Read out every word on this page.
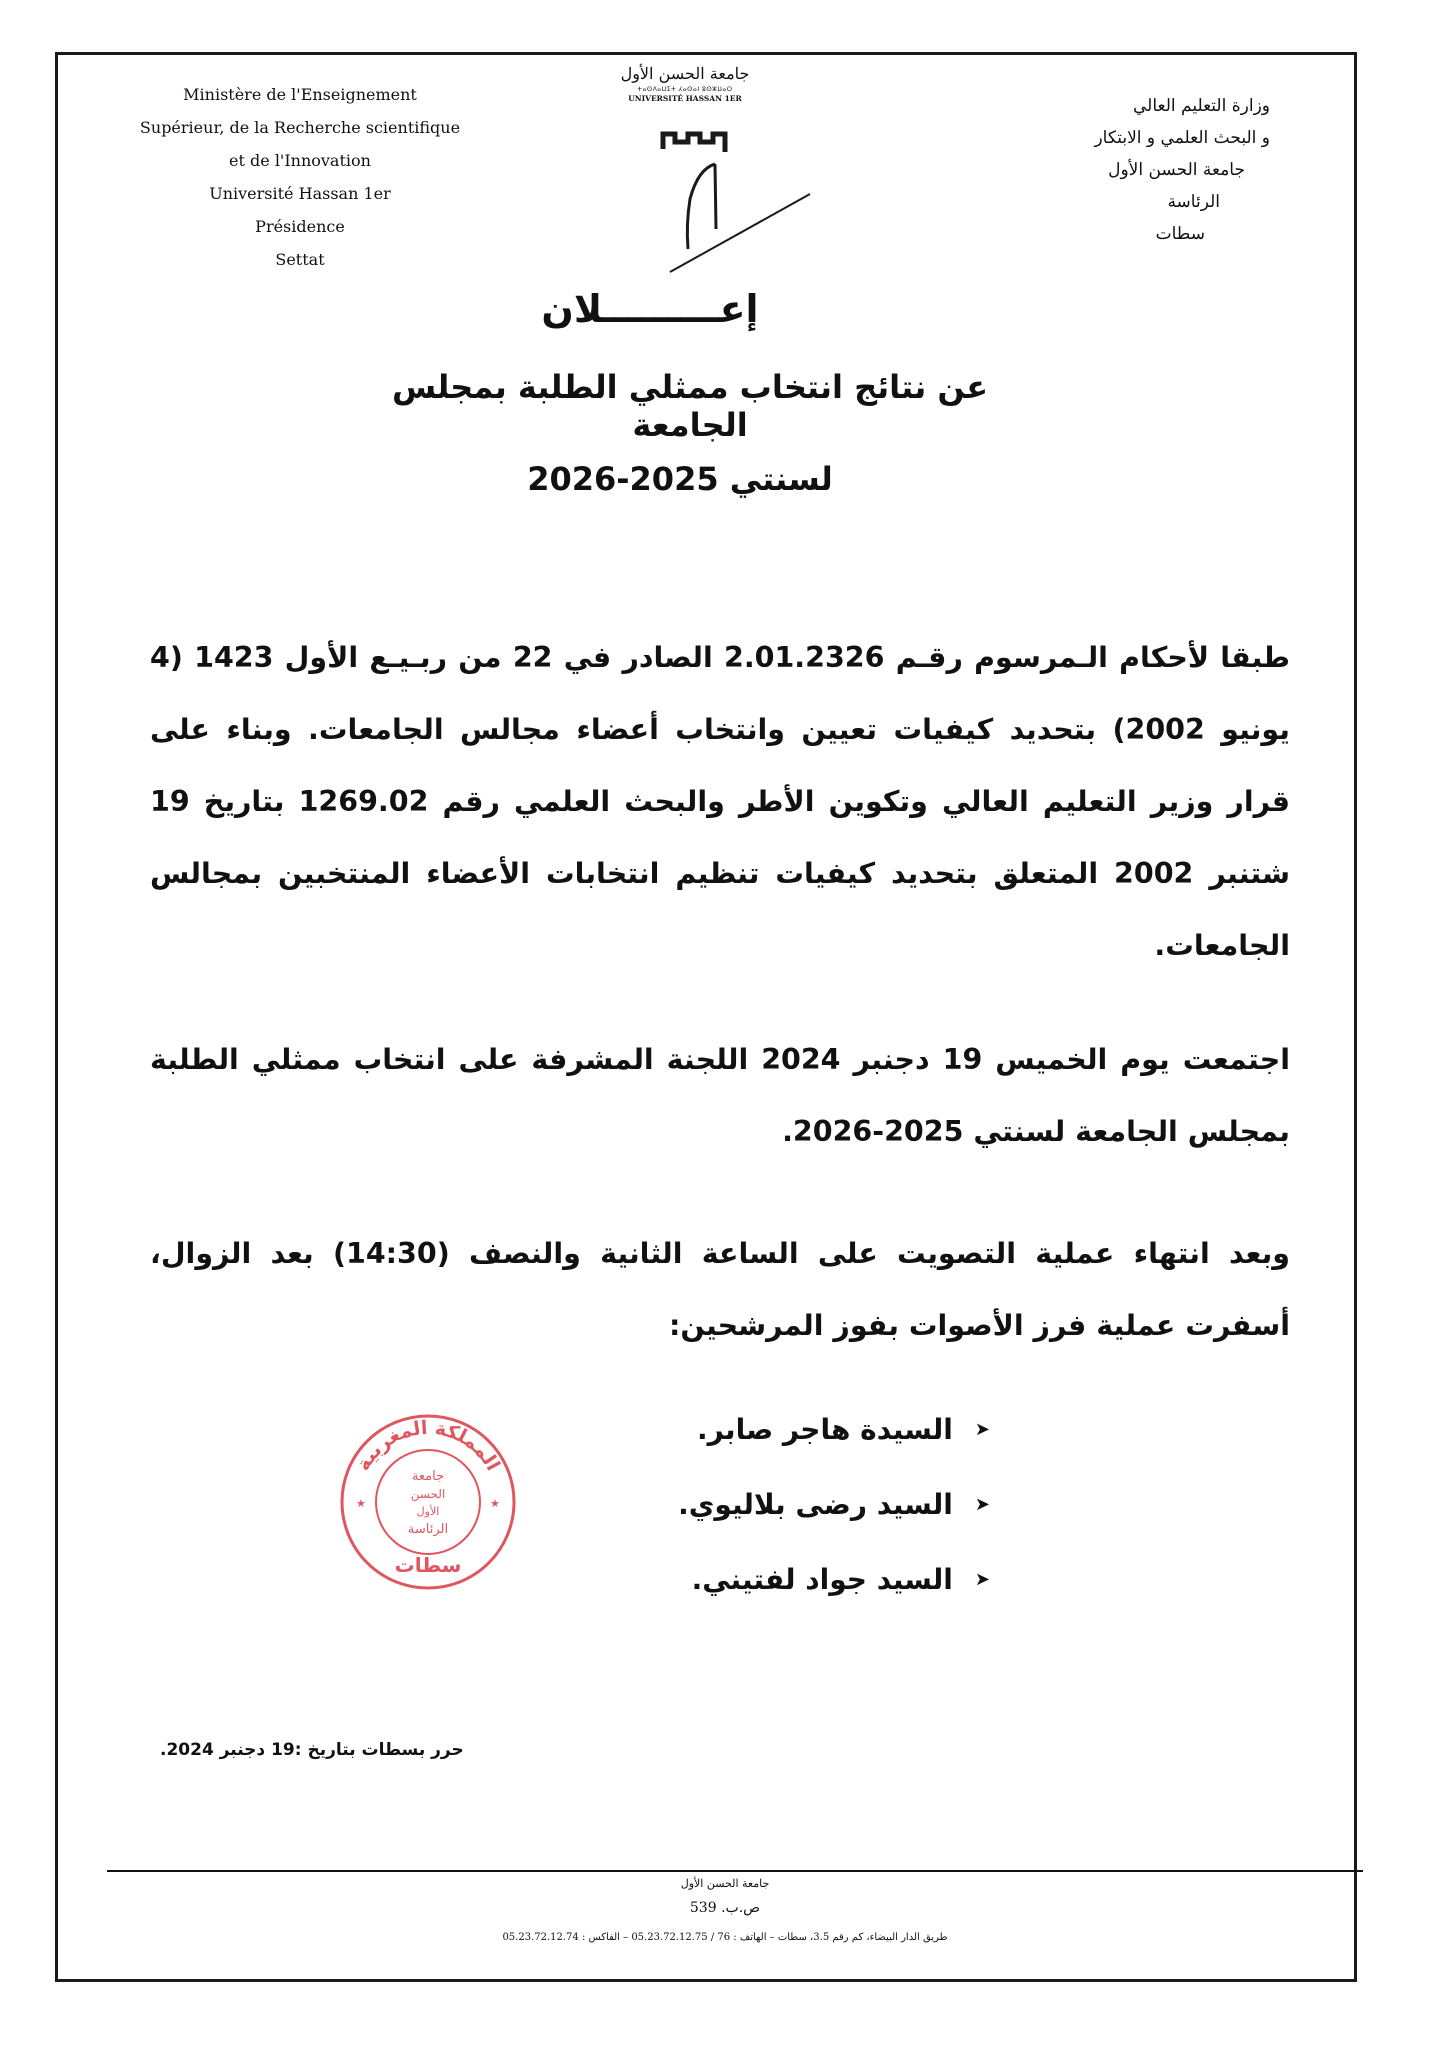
Ministère de l'Enseignement
Supérieur, de la Recherche scientifique
et de l'Innovation
Université Hassan 1er
Présidence
Settat
جامعة الحسن الأول
ⵜⴰⵙⴷⴰⵡⵉⵜ ⵃⴰⵙⴰⵏ ⵓⵙⵣⵡⴰⵔ
UNIVERSITÉ HASSAN 1ER	وزارة التعليم العالي
و البحث العلمي و الابتكار
جامعة الحسن الأول
الرئاسة
سطات
إعـــــــــلان
عن نتائج انتخاب ممثلي الطلبة بمجلس الجامعة
لسنتي 2025-2026
طبقا لأحكام الـمرسوم رقـم 2.01.2326 الصادر في 22 من ربـيـع الأول 1423 (4 يونيو 2002) بتحديد كيفيات تعيين وانتخاب أعضاء مجالس الجامعات. وبناء على قرار وزير التعليم العالي وتكوين الأطر والبحث العلمي رقم 1269.02 بتاريخ 19 شتنبر 2002 المتعلق بتحديد كيفيات تنظيم انتخابات الأعضاء المنتخبين بمجالس الجامعات.
اجتمعت يوم الخميس 19 دجنبر 2024 اللجنة المشرفة على انتخاب ممثلي الطلبة بمجلس الجامعة لسنتي 2025-2026.
وبعد انتهاء عملية التصويت على الساعة الثانية والنصف (14:30) بعد الزوال، أسفرت عملية فرز الأصوات بفوز المرشحين:
➤
السيدة هاجر صابر.
➤
السيد رضى بلاليوي.
➤
السيد جواد لفتيني.
المملكة المغربية
جامعة
الحسن
الأول
الرئاسة
سطات
★	★
حرر بسطات بتاريخ :19 دجنبر 2024.
جامعة الحسن الأول
ص.ب. 539
طريق الدار البيضاء، كم رقم 3.5، سطات – الهاتف : 76 / 05.23.72.12.75 – الفاكس : 05.23.72.12.74
